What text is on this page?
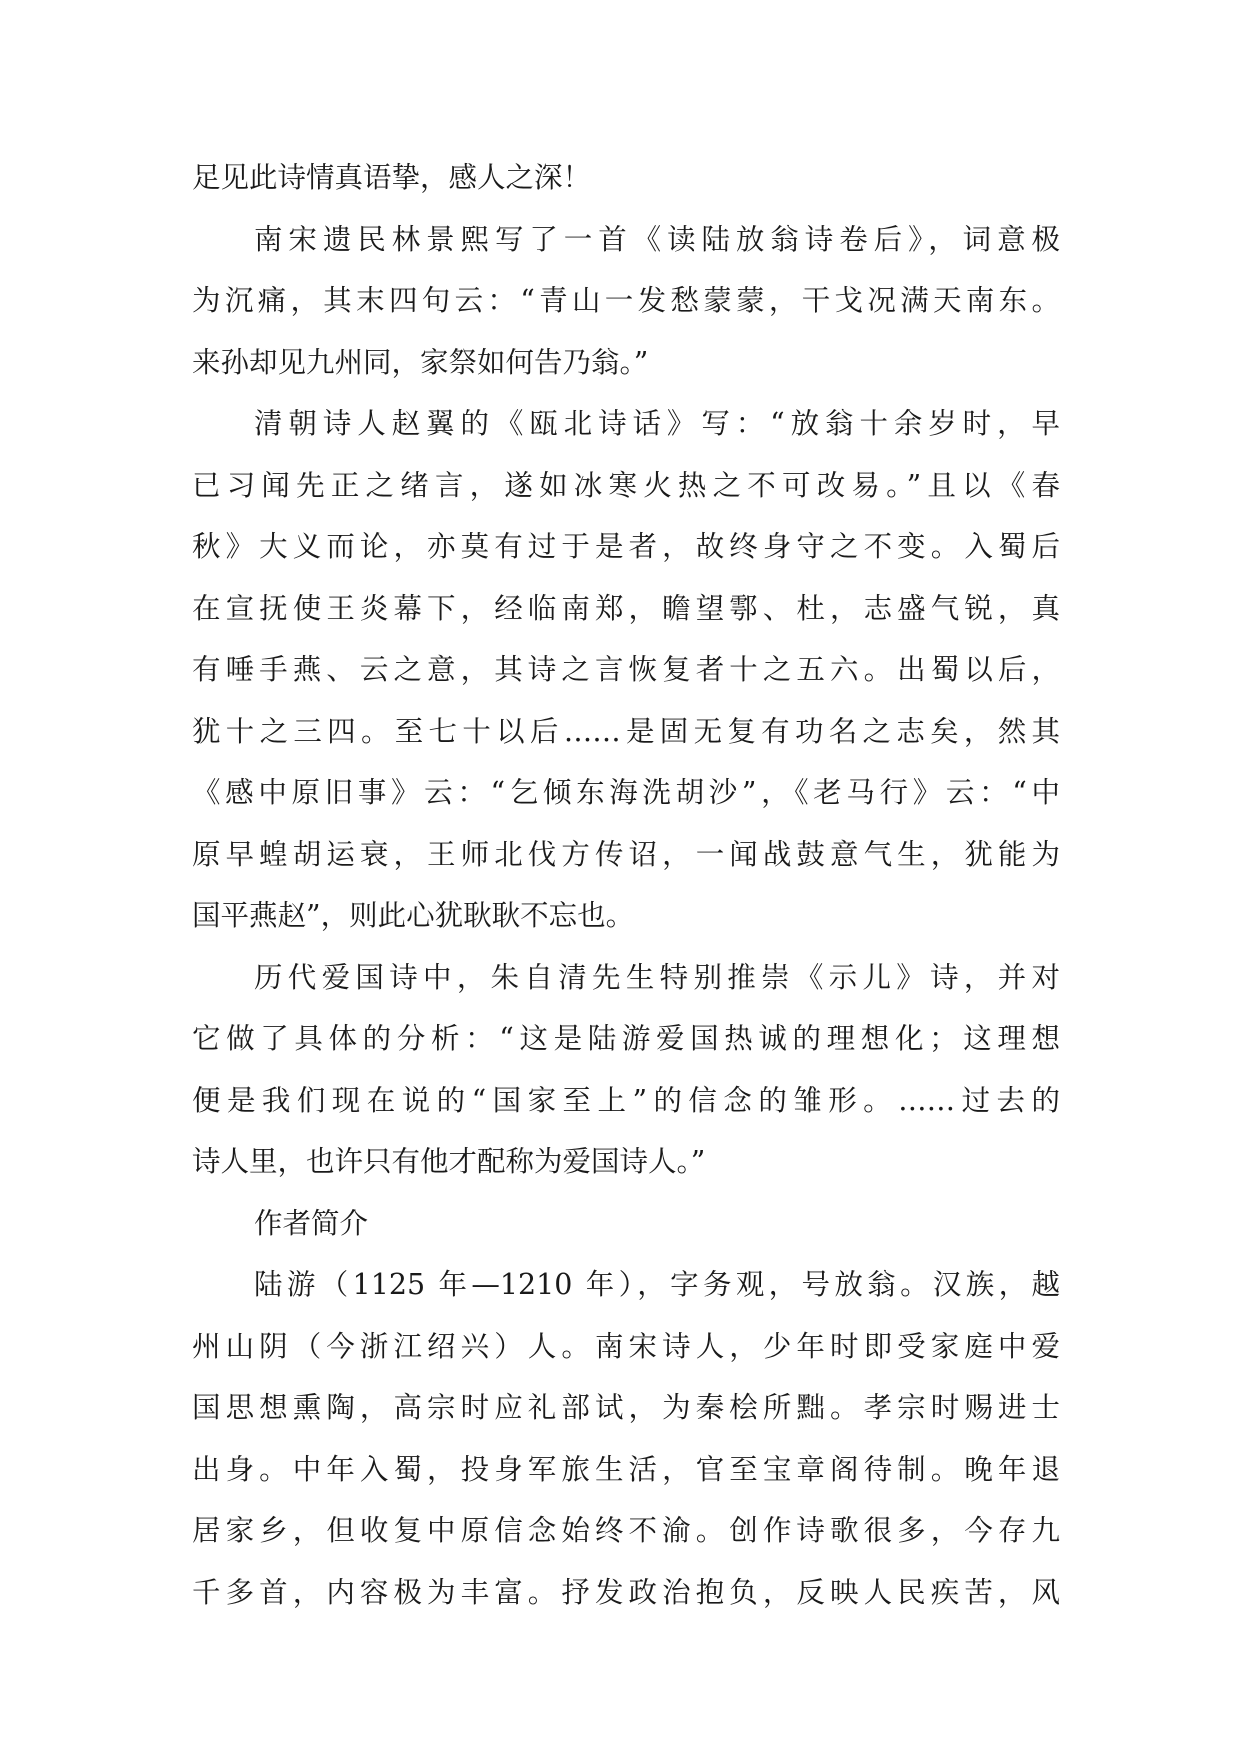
足见此诗情真语挚，感人之深！
南宋遗民林景熙写了一首《读陆放翁诗卷后》，词意极
为沉痛，其末四句云：“青山一发愁蒙蒙，干戈况满天南东。
来孙却见九州同，家祭如何告乃翁。”
清朝诗人赵翼的《瓯北诗话》写：“放翁十余岁时，早
已习闻先正之绪言，遂如冰寒火热之不可改易。”且以《春
秋》大义而论，亦莫有过于是者，故终身守之不变。入蜀后
在宣抚使王炎幕下，经临南郑，瞻望鄠、杜，志盛气锐，真
有唾手燕、云之意，其诗之言恢复者十之五六。出蜀以后，
犹十之三四。至七十以后……是固无复有功名之志矣，然其
《感中原旧事》云：“乞倾东海洗胡沙”，《老马行》云：“中
原早蝗胡运衰，王师北伐方传诏，一闻战鼓意气生，犹能为
国平燕赵”，则此心犹耿耿不忘也。
历代爱国诗中，朱自清先生特别推崇《示儿》诗，并对
它做了具体的分析：“这是陆游爱国热诚的理想化；这理想
便是我们现在说的“国家至上”的信念的雏形。……过去的
诗人里，也许只有他才配称为爱国诗人。”
作者简介
陆游（1125 年—1210 年），字务观，号放翁。汉族，越
州山阴（今浙江绍兴）人。南宋诗人，少年时即受家庭中爱
国思想熏陶，高宗时应礼部试，为秦桧所黜。孝宗时赐进士
出身。中年入蜀，投身军旅生活，官至宝章阁待制。晚年退
居家乡，但收复中原信念始终不渝。创作诗歌很多，今存九
千多首，内容极为丰富。抒发政治抱负，反映人民疾苦，风
